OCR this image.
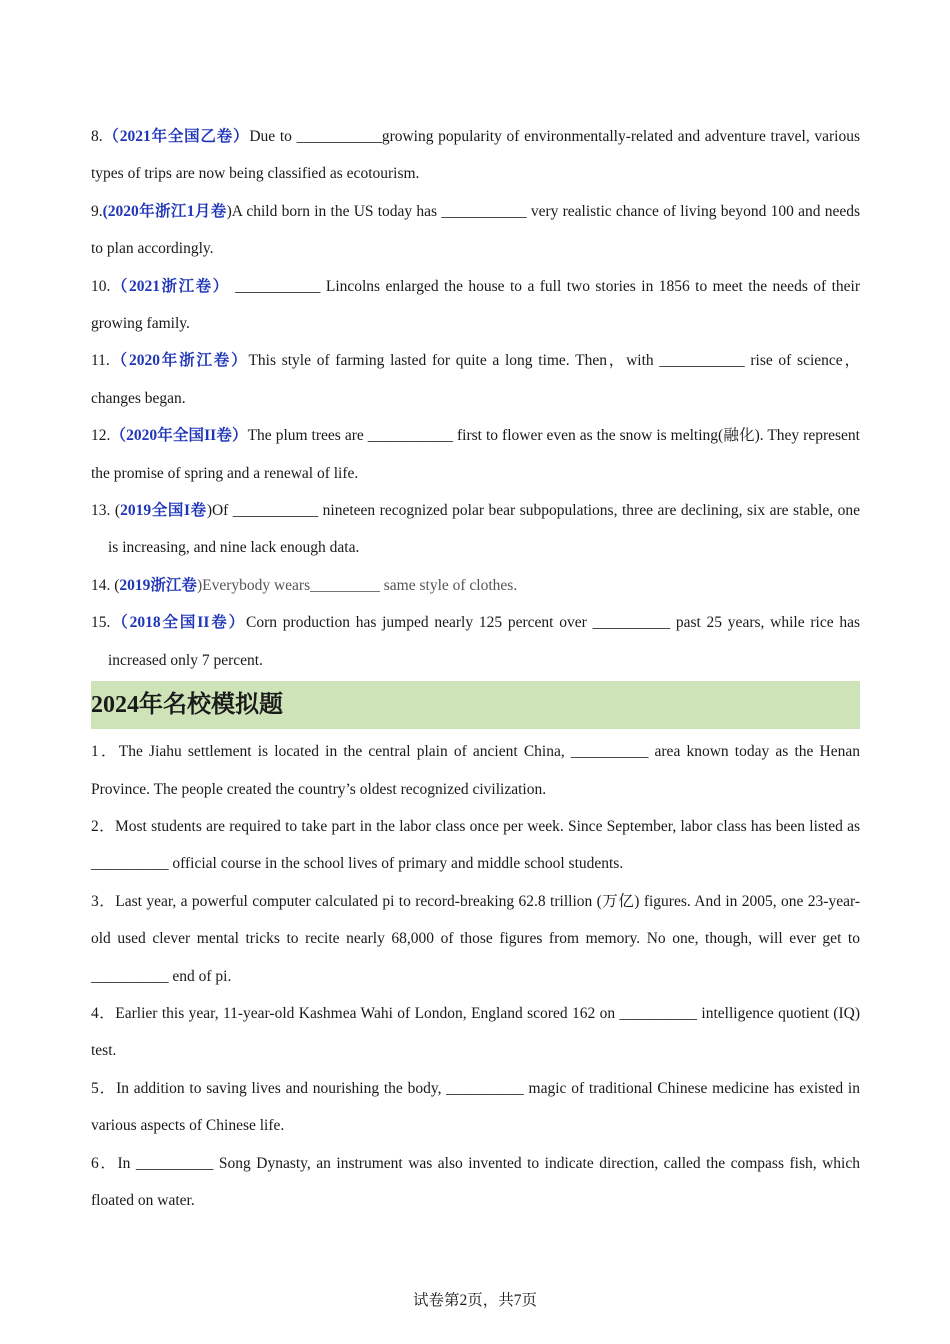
8.（2021年全国乙卷）Due to ___________growing popularity of environmentally-related and adventure travel, various types of trips are now being classified as ecotourism.

9.(2020年浙江1月卷)A child born in the US today has ___________ very realistic chance of living beyond 100 and needs to plan accordingly.

10.（2021浙江卷） ___________ Lincolns enlarged the house to a full two stories in 1856 to meet the needs of their growing family.

11.（2020年浙江卷）This style of farming lasted for quite a long time. Then，with ___________ rise of science，changes began.

12.（2020年全国II卷）The plum trees are ___________ first to flower even as the snow is melting(融化). They represent the promise of spring and a renewal of life.

13. (2019全国I卷)Of ___________ nineteen recognized polar bear subpopulations, three are declining, six are stable, one is increasing, and nine lack enough data.

14. (2019浙江卷)Everybody wears_________ same style of clothes.

15.（2018全国II卷）Corn production has jumped nearly 125 percent over __________ past 25 years, while rice has increased only 7 percent.

2024年名校模拟题

1．The Jiahu settlement is located in the central plain of ancient China, __________ area known today as the Henan Province. The people created the country’s oldest recognized civilization.

2．Most students are required to take part in the labor class once per week. Since September, labor class has been listed as __________ official course in the school lives of primary and middle school students.

3．Last year, a powerful computer calculated pi to record-breaking 62.8 trillion (万亿) figures. And in 2005, one 23-year-old used clever mental tricks to recite nearly 68,000 of those figures from memory. No one, though, will ever get to __________ end of pi.

4．Earlier this year, 11-year-old Kashmea Wahi of London, England scored 162 on __________ intelligence quotient (IQ) test.

5．In addition to saving lives and nourishing the body, __________ magic of traditional Chinese medicine has existed in various aspects of Chinese life.

6．In __________ Song Dynasty, an instrument was also invented to indicate direction, called the compass fish, which floated on water.

试卷第2页，共7页
